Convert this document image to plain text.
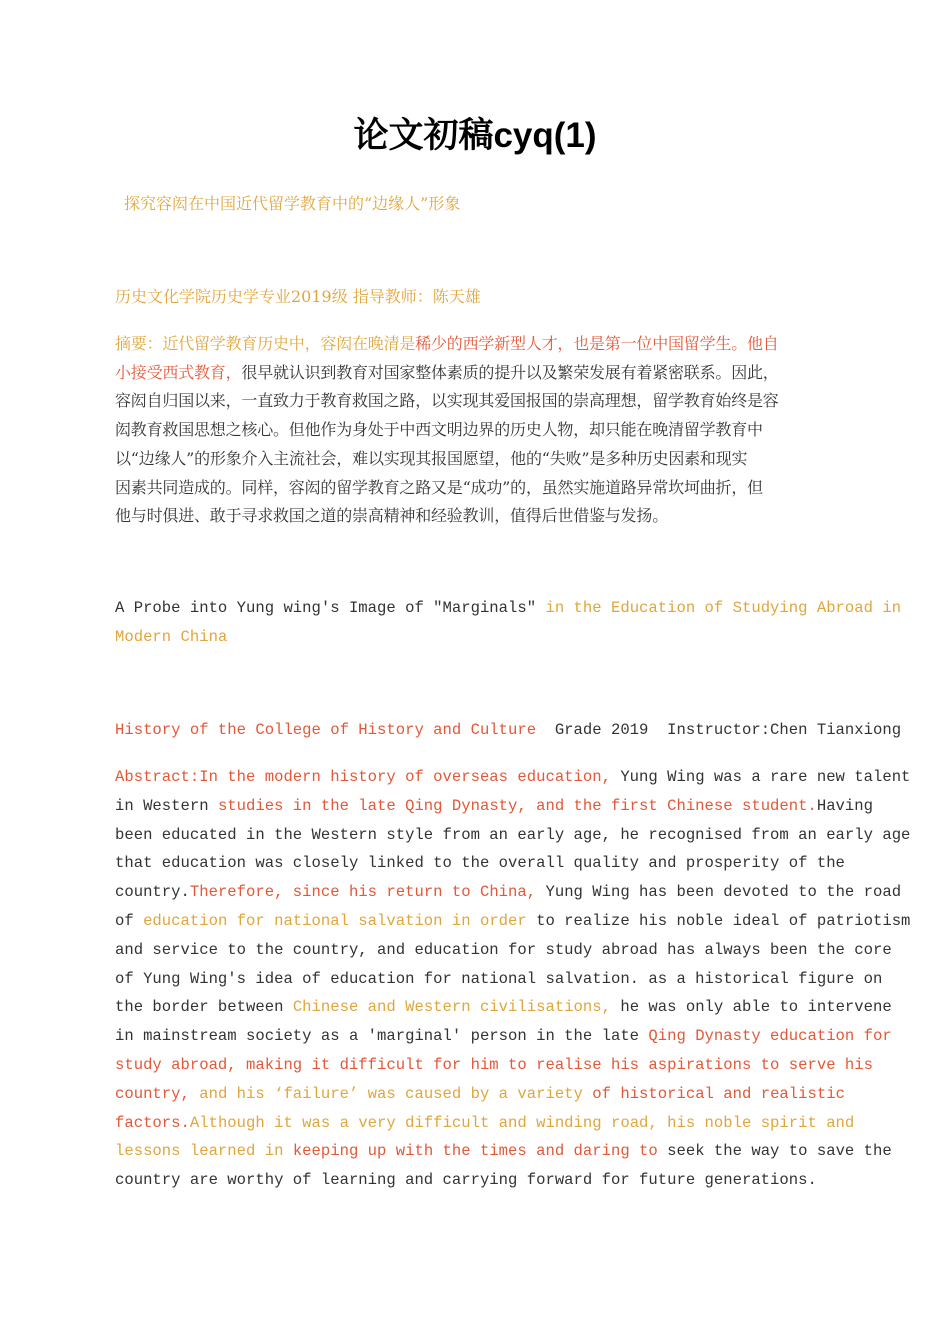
论文初稿cyq(1)
探究容闳在中国近代留学教育中的“边缘人”形象
历史文化学院历史学专业2019级 指导教师：陈天雄
摘要：近代留学教育历史中，容闳在晚清是稀少的西学新型人才，也是第一位中国留学生。他自
小接受西式教育，很早就认识到教育对国家整体素质的提升以及繁荣发展有着紧密联系。因此，
容闳自归国以来，一直致力于教育救国之路，以实现其爱国报国的崇高理想，留学教育始终是容
闳教育救国思想之核心。但他作为身处于中西文明边界的历史人物，却只能在晚清留学教育中
以“边缘人”的形象介入主流社会，难以实现其报国愿望，他的“失败”是多种历史因素和现实
因素共同造成的。同样，容闳的留学教育之路又是“成功”的，虽然实施道路异常坎坷曲折，但
他与时俱进、敢于寻求救国之道的崇高精神和经验教训，值得后世借鉴与发扬。
A Probe into Yung wing's Image of "Marginals" in the Education of Studying Abroad in
Modern China
History of the College of History and Culture  Grade 2019  Instructor:Chen Tianxiong
Abstract:In the modern history of overseas education, Yung Wing was a rare new talent
in Western studies in the late Qing Dynasty, and the first Chinese student.Having
been educated in the Western style from an early age, he recognised from an early age
that education was closely linked to the overall quality and prosperity of the
country.Therefore, since his return to China, Yung Wing has been devoted to the road
of education for national salvation in order to realize his noble ideal of patriotism
and service to the country, and education for study abroad has always been the core
of Yung Wing's idea of education for national salvation. as a historical figure on
the border between Chinese and Western civilisations, he was only able to intervene
in mainstream society as a 'marginal' person in the late Qing Dynasty education for
study abroad, making it difficult for him to realise his aspirations to serve his
country, and his ‘failure’ was caused by a variety of historical and realistic
factors.Although it was a very difficult and winding road, his noble spirit and
lessons learned in keeping up with the times and daring to seek the way to save the
country are worthy of learning and carrying forward for future generations.
